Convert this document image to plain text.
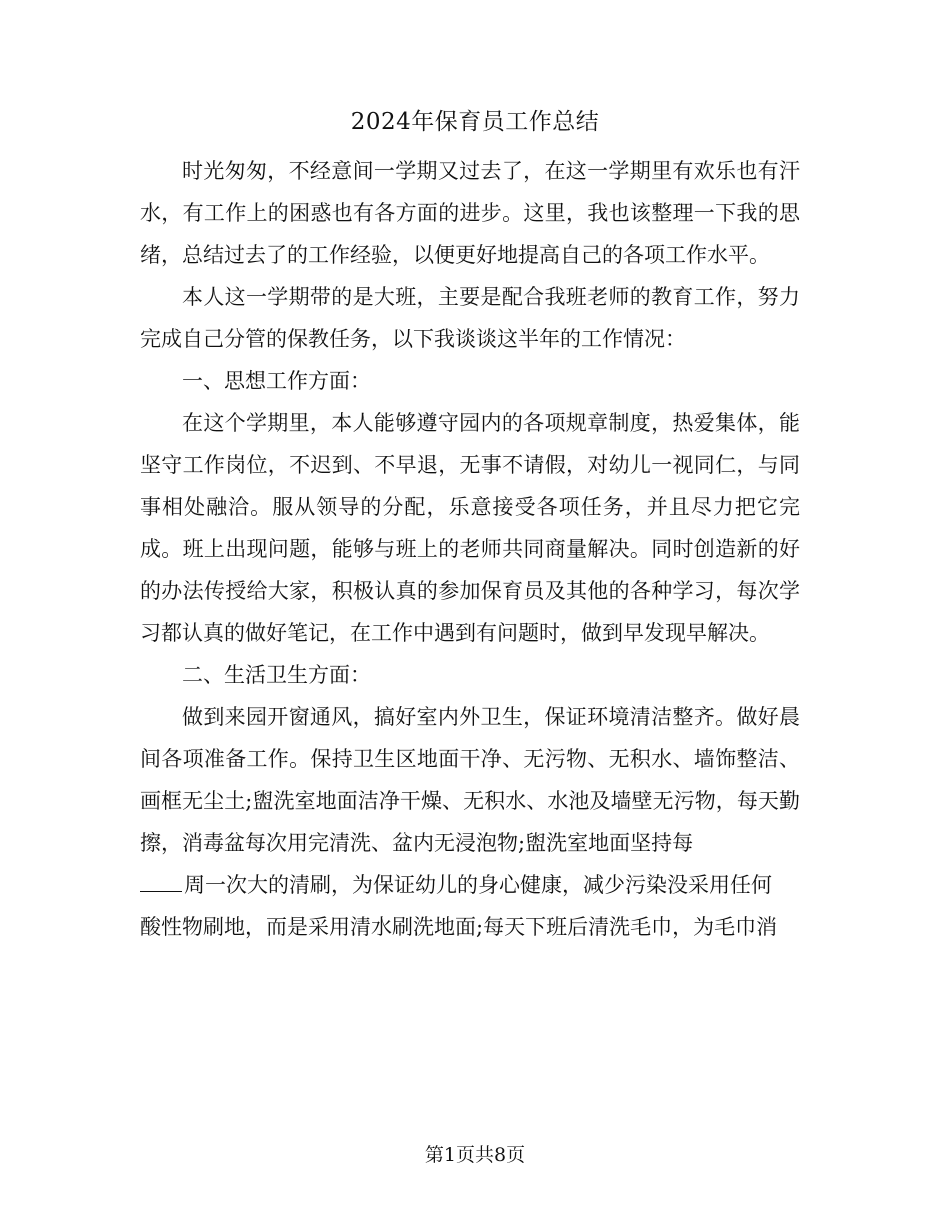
2024年保育员工作总结

时光匆匆，不经意间一学期又过去了，在这一学期里有欢乐也有汗水，有工作上的困惑也有各方面的进步。这里，我也该整理一下我的思绪，总结过去了的工作经验，以便更好地提高自己的各项工作水平。

本人这一学期带的是大班，主要是配合我班老师的教育工作，努力完成自己分管的保教任务，以下我谈谈这半年的工作情况：

一、思想工作方面：

在这个学期里，本人能够遵守园内的各项规章制度，热爱集体，能坚守工作岗位，不迟到、不早退，无事不请假，对幼儿一视同仁，与同事相处融洽。服从领导的分配，乐意接受各项任务，并且尽力把它完成。班上出现问题，能够与班上的老师共同商量解决。同时创造新的好的办法传授给大家，积极认真的参加保育员及其他的各种学习，每次学习都认真的做好笔记，在工作中遇到有问题时，做到早发现早解决。

二、生活卫生方面：

做到来园开窗通风，搞好室内外卫生，保证环境清洁整齐。做好晨间各项准备工作。保持卫生区地面干净、无污物、无积水、墙饰整洁、画框无尘土;盥洗室地面洁净干燥、无积水、水池及墙壁无污物，每天勤擦，消毒盆每次用完清洗、盆内无浸泡物;盥洗室地面坚持每

周一次大的清刷，为保证幼儿的身心健康，减少污染没采用任何

酸性物刷地，而是采用清水刷洗地面;每天下班后清洗毛巾，为毛巾消

第1页共8页
